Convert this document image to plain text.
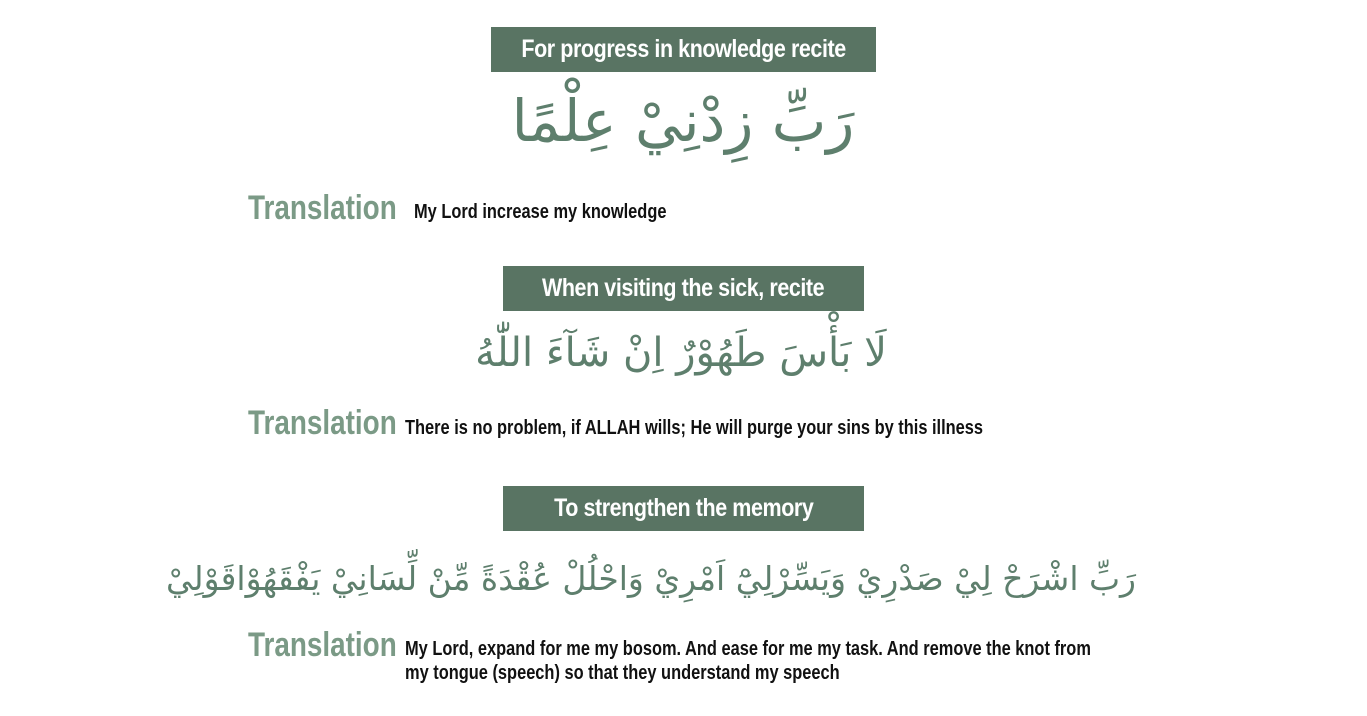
For progress in knowledge recite
رَبِّ زِدْنِيْ عِلْمًا
Translation My Lord increase my knowledge
When visiting the sick, recite
لَا بَأْسَ طَهُوْرٌ اِنْ شَآءَ اللّٰهُ
Translation There is no problem, if ALLAH wills; He will purge your sins by this illness
To strengthen the memory
رَبِّ اشْرَحْ لِيْ صَدْرِيْ وَيَسِّرْلِيْٓ اَمْرِيْ وَاحْلُلْ عُقْدَةً مِّنْ لِّسَانِيْ يَفْقَهُوْاقَوْلِيْ
Translation My Lord, expand for me my bosom. And ease for me my task. And remove the knot from
my tongue (speech) so that they understand my speech
